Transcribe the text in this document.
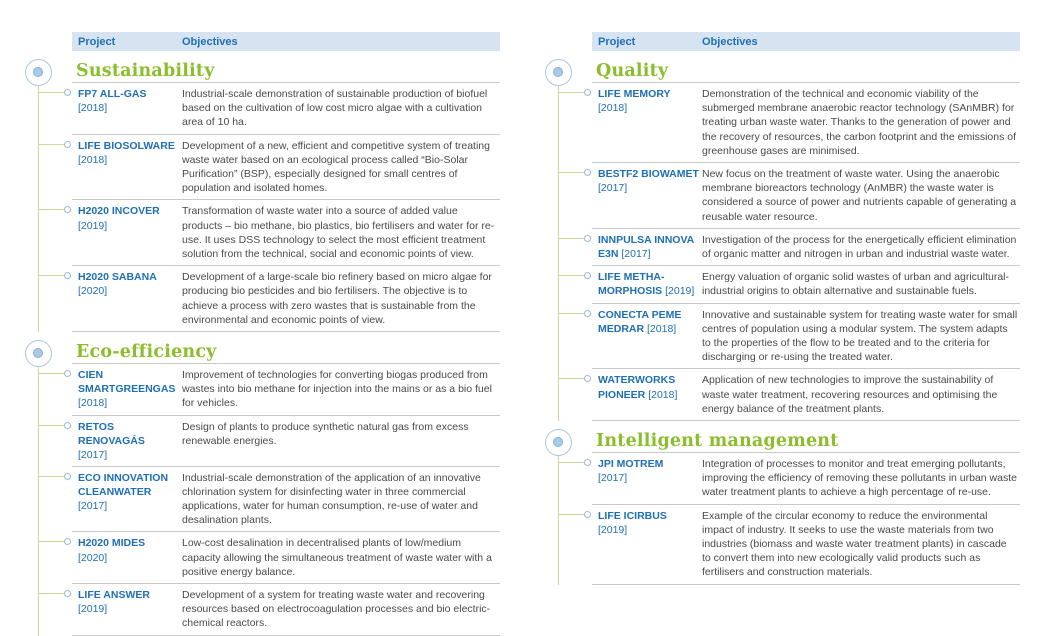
Project	Objectives
Sustainability
FP7 ALL-GAS
[2018]
Industrial-scale demonstration of sustainable production of biofuel based on the cultivation of low cost micro algae with a cultivation area of 10 ha.
LIFE BIOSOLWARE
[2018]
Development of a new, efficient and competitive system of treating waste water based on an ecological process called “Bio-Solar Purification” (BSP), especially designed for small centres of population and isolated homes.
H2020 INCOVER
[2019]
Transformation of waste water into a source of added value products – bio methane, bio plastics, bio fertilisers and water for re-use. It uses DSS technology to select the most efficient treatment solution from the technical, social and economic points of view.
H2020 SABANA
[2020]
Development of a large-scale bio refinery based on micro algae for producing bio pesticides and bio fertilisers. The objective is to achieve a process with zero wastes that is sustainable from the environmental and economic points of view.
Eco-efficiency
CIEN SMARTGREENGAS [2018]
Improvement of technologies for converting biogas produced from wastes into bio methane for injection into the mains or as a bio fuel for vehicles.
RETOS RENOVAGÁS
[2017]
Design of plants to produce synthetic natural gas from excess renewable energies.
ECO INNOVATION CLEANWATER [2017]
Industrial-scale demonstration of the application of an innovative chlorination system for disinfecting water in three commercial applications, water for human consumption, re-use of water and desalination plants.
H2020 MIDES
[2020]
Low-cost desalination in decentralised plants of low/medium capacity allowing the simultaneous treatment of waste water with a positive energy balance.
LIFE ANSWER
[2019]
Development of a system for treating waste water and recovering resources based on electrocoagulation processes and bio electric-chemical reactors.
Project	Objectives
Quality
LIFE MEMORY
[2018]
Demonstration of the technical and economic viability of the submerged membrane anaerobic reactor technology (SAnMBR) for treating urban waste water. Thanks to the generation of power and the recovery of resources, the carbon footprint and the emissions of greenhouse gases are minimised.
BESTF2 BIOWAMET
[2017]
New focus on the treatment of waste water. Using the anaerobic membrane bioreactors technology (AnMBR) the waste water is considered a source of power and nutrients capable of generating a reusable water resource.
INNPULSA INNOVA E3N [2017]
Investigation of the process for the energetically efficient elimination of organic matter and nitrogen in urban and industrial waste water.
LIFE METHA-MORPHOSIS [2019]
Energy valuation of organic solid wastes of urban and agricultural-industrial origins to obtain alternative and sustainable fuels.
CONECTA PEME MEDRAR [2018]
Innovative and sustainable system for treating waste water for small centres of population using a modular system. The system adapts to the properties of the flow to be treated and to the criteria for discharging or re-using the treated water.
WATERWORKS PIONEER [2018]
Application of new technologies to improve the sustainability of waste water treatment, recovering resources and optimising the energy balance of the treatment plants.
Intelligent management
JPI MOTREM
[2017]
Integration of processes to monitor and treat emerging pollutants, improving the efficiency of removing these pollutants in urban waste water treatment plants to achieve a high percentage of re-use.
LIFE ICIRBUS
[2019]
Example of the circular economy to reduce the environmental impact of industry. It seeks to use the waste materials from two industries (biomass and waste water treatment plants) in cascade to convert them into new ecologically valid products such as fertilisers and construction materials.
